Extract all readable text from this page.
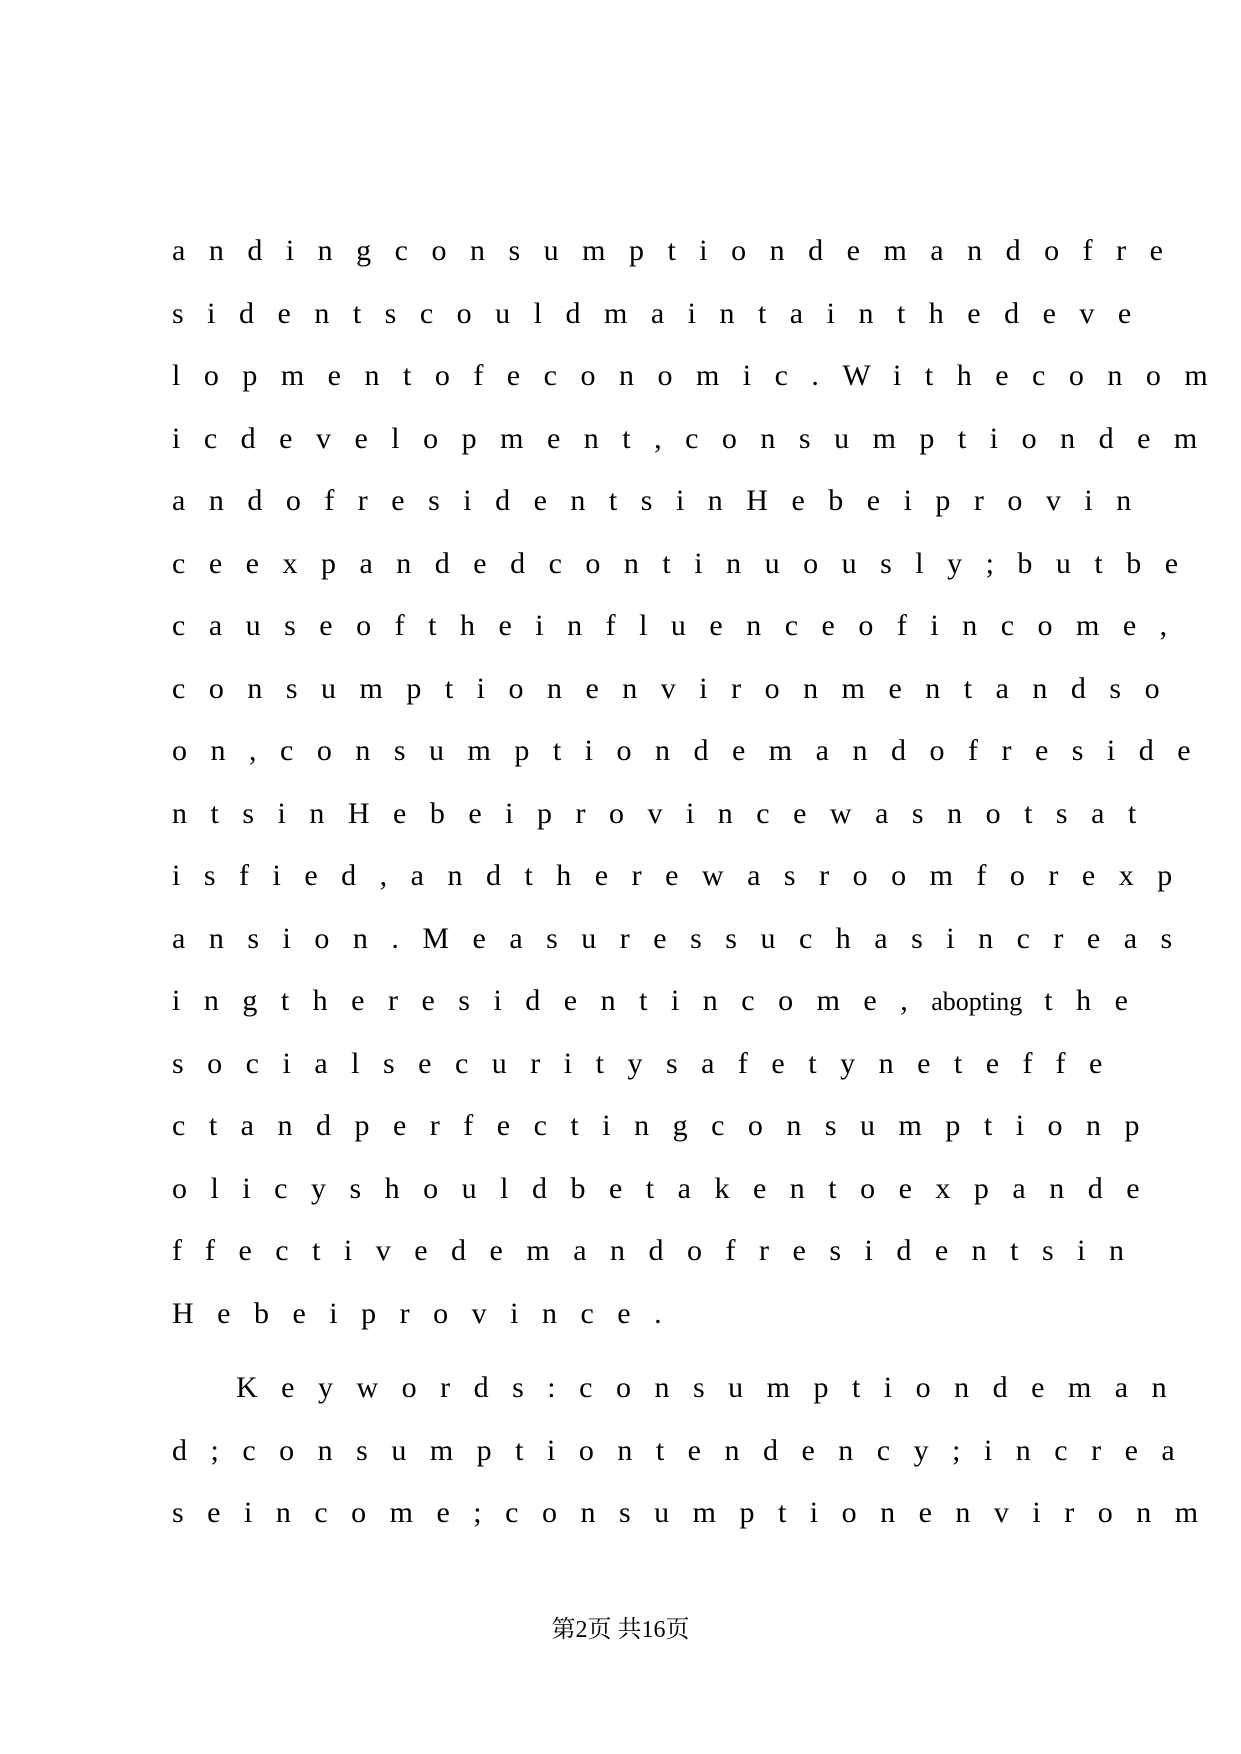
andingconsumptiondemandofre
sidentscouldmaintainthedeve
lopmentofeconomic.Witheconom
icdevelopment,consumptiondem
andofresidentsinHebeiprovin
ceexpandedcontinuously;butbe
causeoftheinfluenceofincome,
consumptionenvironmentandso
on,consumptiondemandofreside
ntsinHebeiprovincewasnotsat
isfied,andtherewasroomforexp
ansion.Measuressuchasincreas
ingtheresidentincome,abopting the
socialsecuritysafetyneteffe
ctandperfectingconsumptionp
olicyshouldbetakentoexpande
ffectivedemandofresidentsin
Hebeiprovince.
Keywords:consumptiondeman
d;consumptiontendency;increa
seincome;consumptionenvironm
第2页 共16页
